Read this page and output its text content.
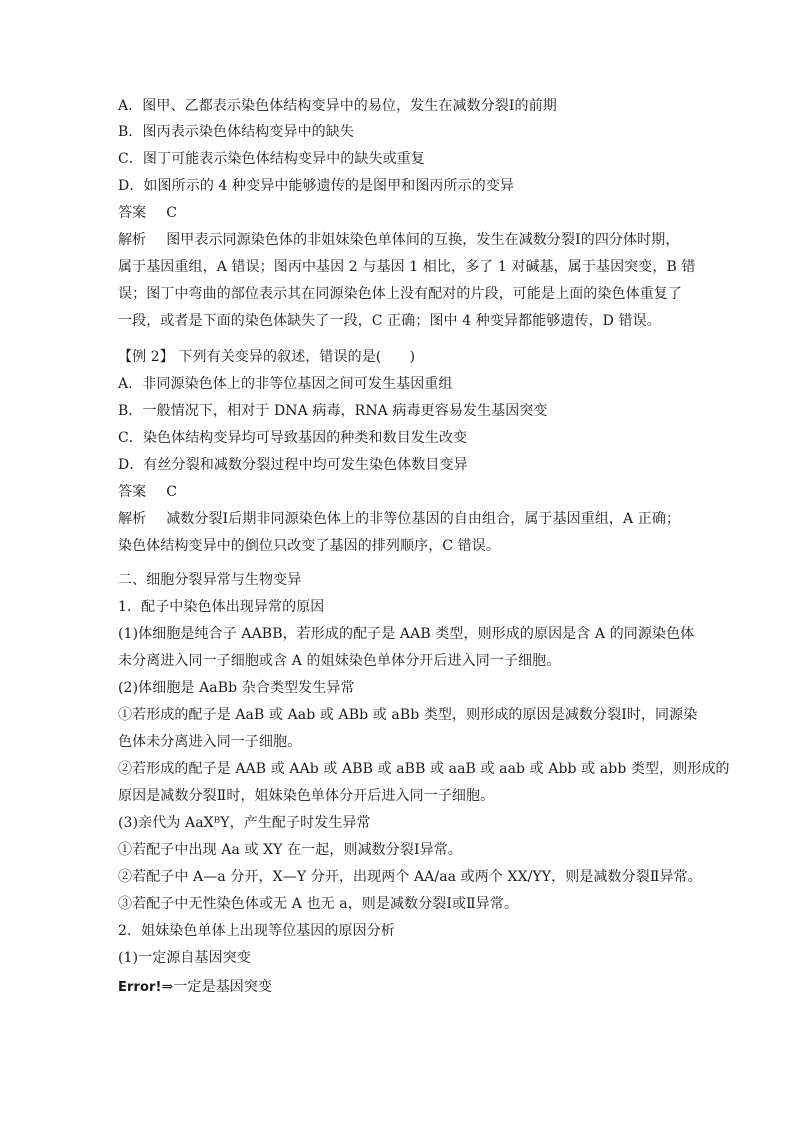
A．图甲、乙都表示染色体结构变异中的易位，发生在减数分裂Ⅰ的前期
B．图丙表示染色体结构变异中的缺失
C．图丁可能表示染色体结构变异中的缺失或重复
D．如图所示的 4 种变异中能够遗传的是图甲和图丙所示的变异
答案 C
解析 图甲表示同源染色体的非姐妹染色单体间的互换，发生在减数分裂Ⅰ的四分体时期，
属于基因重组，A 错误；图丙中基因 2 与基因 1 相比，多了 1 对碱基，属于基因突变，B 错
误；图丁中弯曲的部位表示其在同源染色体上没有配对的片段，可能是上面的染色体重复了
一段，或者是下面的染色体缺失了一段，C 正确；图中 4 种变异都能够遗传，D 错误。
【例 2】 下列有关变异的叙述，错误的是(　　)
A．非同源染色体上的非等位基因之间可发生基因重组
B．一般情况下，相对于 DNA 病毒，RNA 病毒更容易发生基因突变
C．染色体结构变异均可导致基因的种类和数目发生改变
D．有丝分裂和减数分裂过程中均可发生染色体数目变异
答案 C
解析 减数分裂Ⅰ后期非同源染色体上的非等位基因的自由组合，属于基因重组，A 正确；
染色体结构变异中的倒位只改变了基因的排列顺序，C 错误。
二、细胞分裂异常与生物变异
1．配子中染色体出现异常的原因
(1)体细胞是纯合子 AABB，若形成的配子是 AAB 类型，则形成的原因是含 A 的同源染色体
未分离进入同一子细胞或含 A 的姐妹染色单体分开后进入同一子细胞。
(2)体细胞是 AaBb 杂合类型发生异常
①若形成的配子是 AaB 或 Aab 或 ABb 或 aBb 类型，则形成的原因是减数分裂Ⅰ时，同源染
色体未分离进入同一子细胞。
②若形成的配子是 AAB 或 AAb 或 ABB 或 aBB 或 aaB 或 aab 或 Abb 或 abb 类型，则形成的
原因是减数分裂Ⅱ时，姐妹染色单体分开后进入同一子细胞。
(3)亲代为 AaXᴮY，产生配子时发生异常
①若配子中出现 Aa 或 XY 在一起，则减数分裂Ⅰ异常。
②若配子中 A—a 分开，X—Y 分开，出现两个 AA/aa 或两个 XX/YY，则是减数分裂Ⅱ异常。
③若配子中无性染色体或无 A 也无 a，则是减数分裂Ⅰ或Ⅱ异常。
2．姐妹染色单体上出现等位基因的原因分析
(1)一定源自基因突变
Error!⇒一定是基因突变
